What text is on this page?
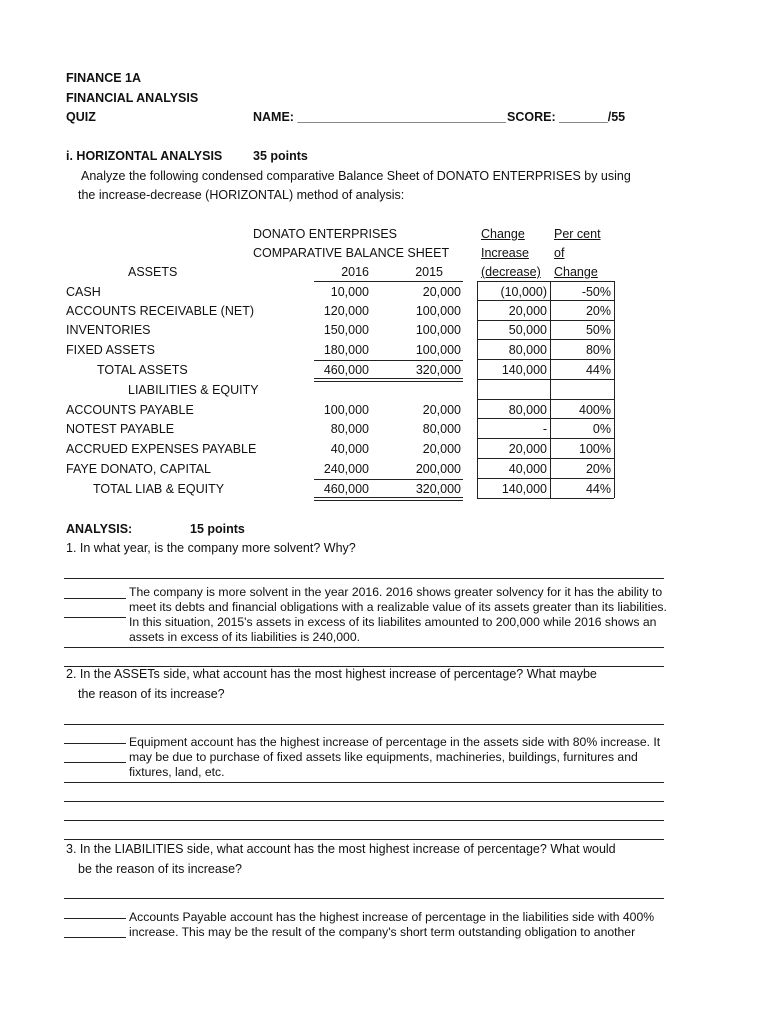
FINANCE 1A
FINANCIAL ANALYSIS
QUIZ	NAME: ______________________________ SCORE: _______/55
i. HORIZONTAL ANALYSIS 35 points
Analyze the following condensed comparative Balance Sheet of DONATO ENTERPRISES by using
the increase-decrease (HORIZONTAL) method of analysis:
DONATO ENTERPRISES
COMPARATIVE BALANCE SHEET
ASSETS	2016	2015
Change
Increase
(decrease)
Per cent
of
Change
CASH	10,000	20,000	(10,000)	-50%
ACCOUNTS RECEIVABLE (NET)	120,000	100,000	20,000	20%
INVENTORIES	150,000	100,000	50,000	50%
FIXED ASSETS	180,000	100,000	80,000	80%
TOTAL ASSETS	460,000	320,000	140,000	44%
LIABILITIES & EQUITY
ACCOUNTS PAYABLE	100,000	20,000	80,000	400%
NOTEST PAYABLE	80,000	80,000	-	0%
ACCRUED EXPENSES PAYABLE	40,000	20,000	20,000	100%
FAYE DONATO, CAPITAL	240,000	200,000	40,000	20%
TOTAL LIAB & EQUITY	460,000	320,000	140,000	44%
ANALYSIS:	15 points
1. In what year, is the company more solvent? Why?
The company is more solvent in the year 2016. 2016 shows greater solvency for it has the ability to meet its debts and financial obligations with a realizable value of its assets greater than its liabilities. In this situation, 2015's assets in excess of its liabilites amounted to 200,000 while 2016 shows an assets in excess of its liabilities is 240,000.
2. In the ASSETs side, what account has the most highest increase of percentage? What maybe
the reason of its increase?
Equipment account has the highest increase of percentage in the assets side with 80% increase. It may be due to purchase of fixed assets like equipments, machineries, buildings, furnitures and fixtures, land, etc.
3. In the LIABILITIES side, what account has the most highest increase of percentage? What would
be the reason of its increase?
Accounts Payable account has the highest increase of percentage in the liabilities side with 400% increase. This may be the result of the company's short term outstanding obligation to another
